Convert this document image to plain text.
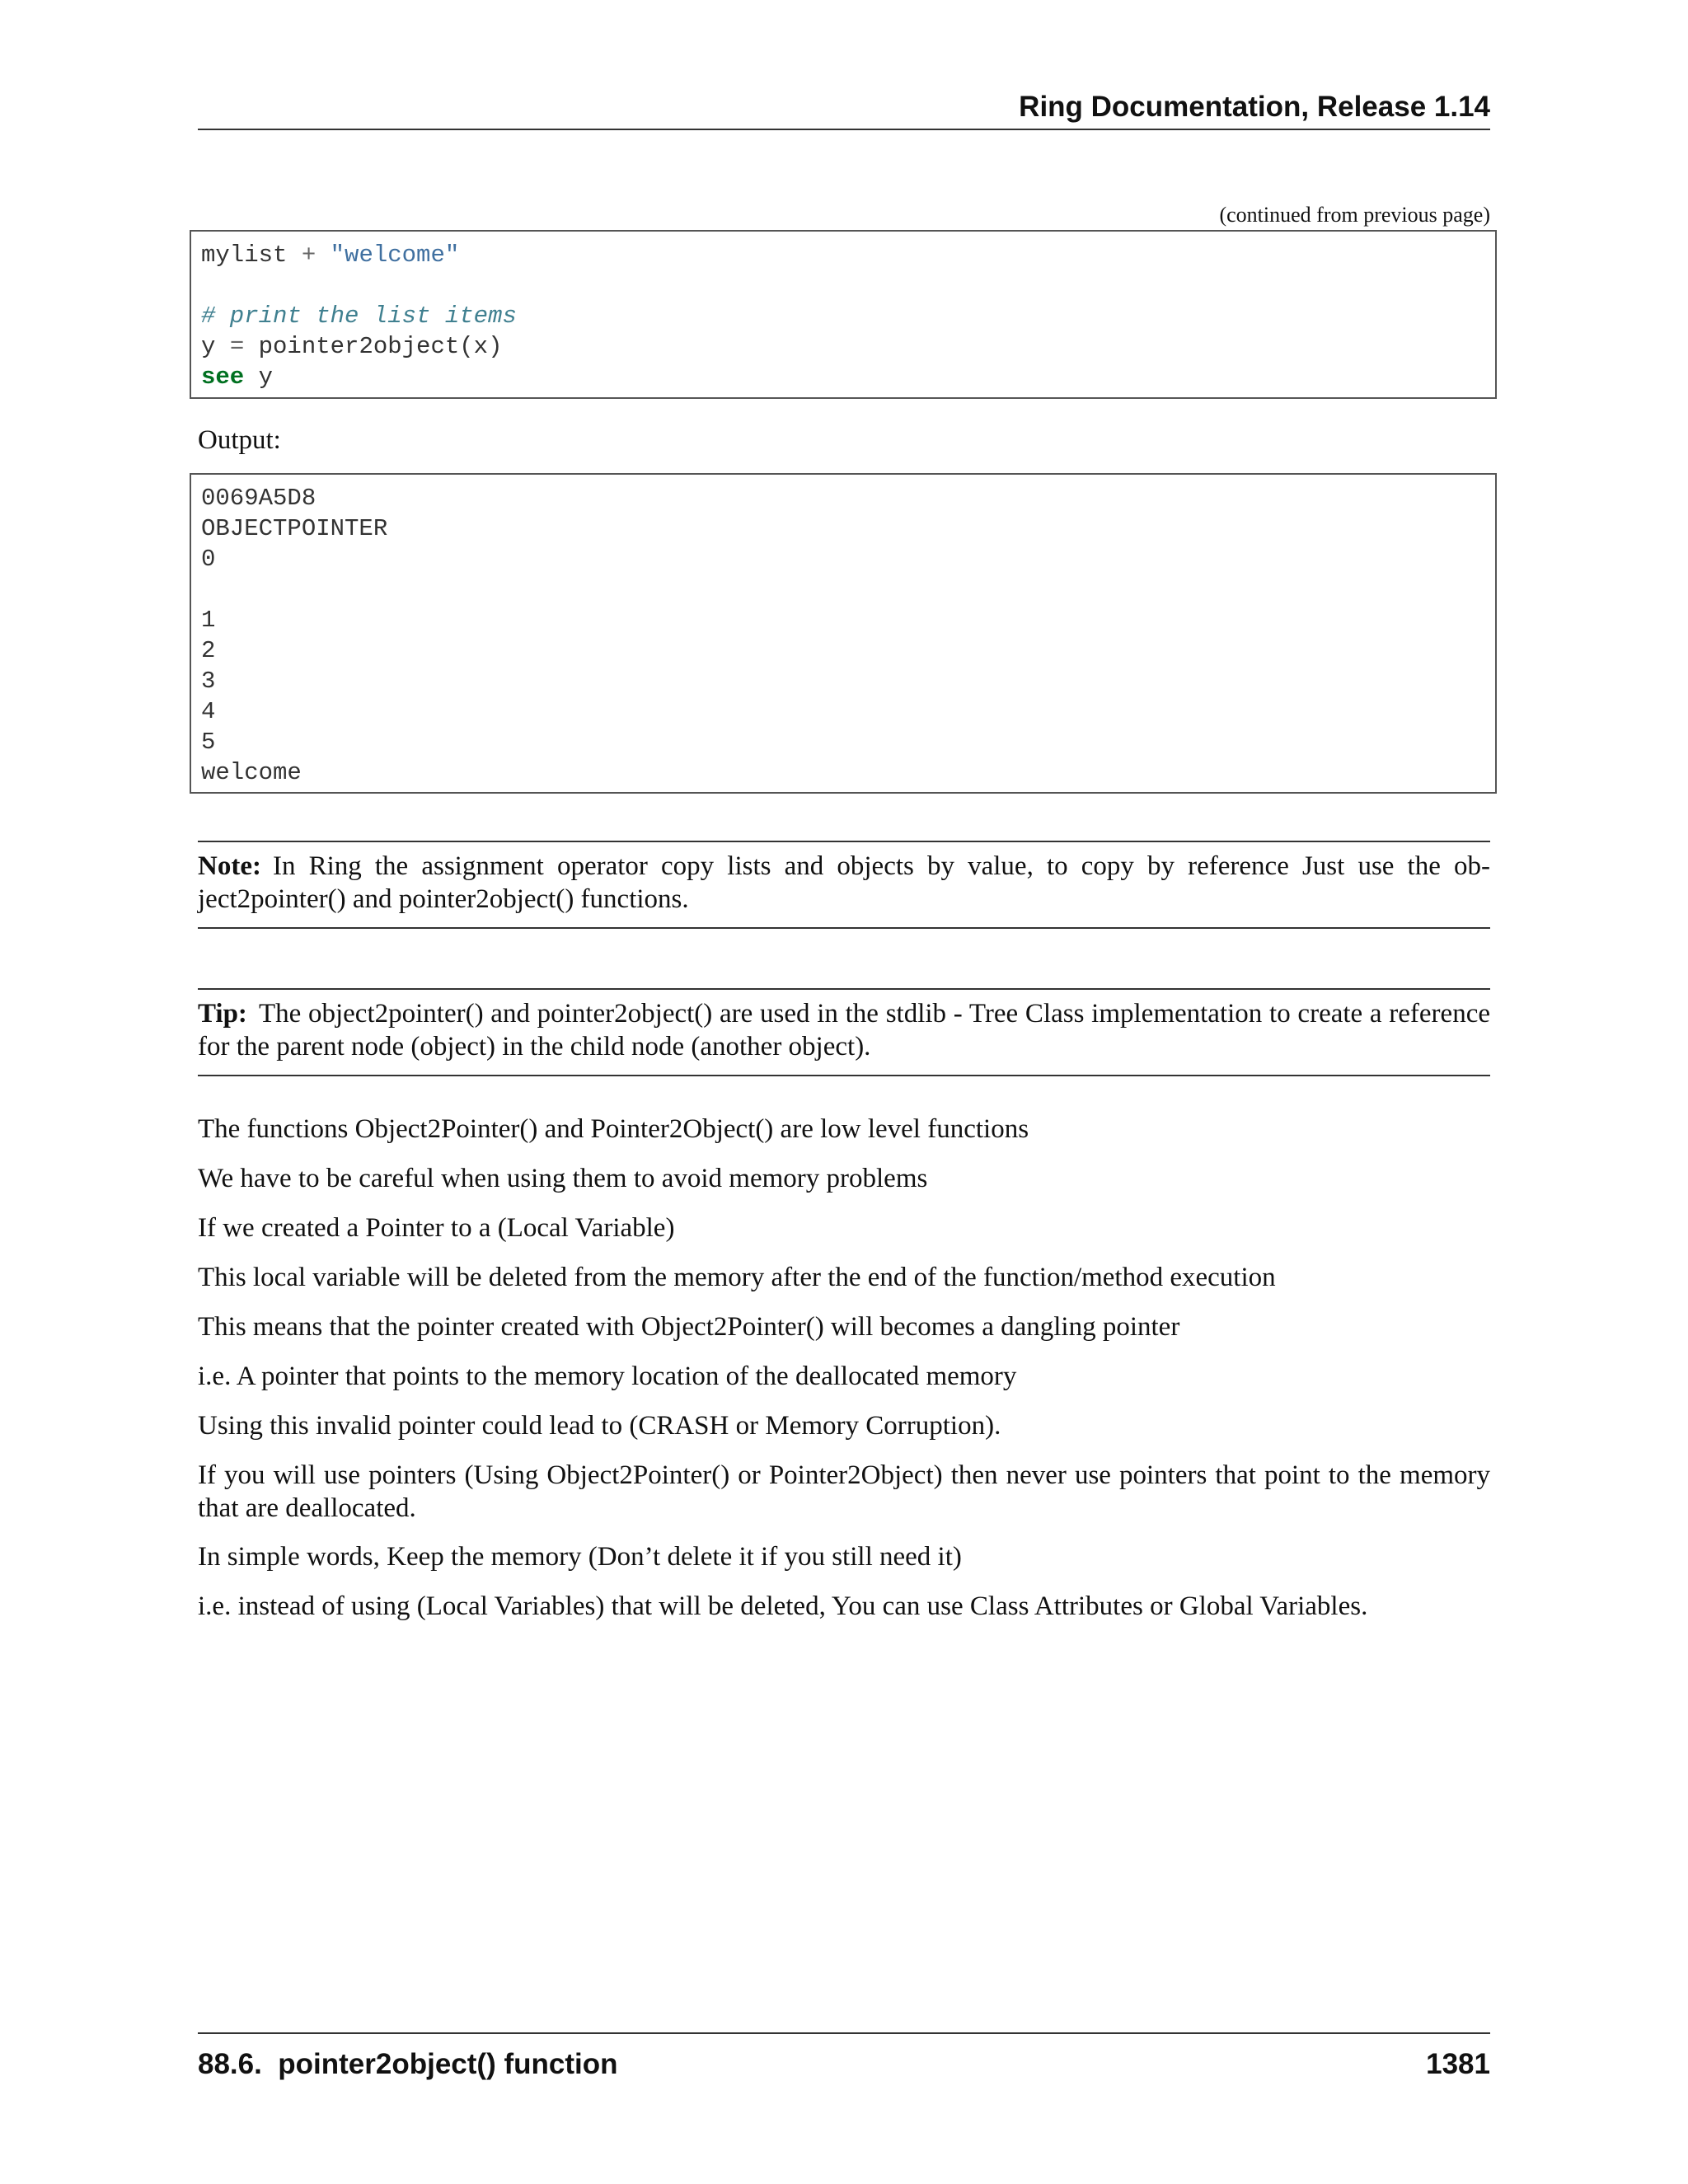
Ring Documentation, Release 1.14
(continued from previous page)
mylist + "welcome"
# print the list items
y = pointer2object(x)
see y
Output:
0069A5D8
OBJECTPOINTER
0
1
2
3
4
5
welcome
Note: In Ring the assignment operator copy lists and objects by value, to copy by reference Just use the ob-ject2pointer() and pointer2object() functions.
Tip: The object2pointer() and pointer2object() are used in the stdlib - Tree Class implementation to create a reference for the parent node (object) in the child node (another object).
The functions Object2Pointer() and Pointer2Object() are low level functions
We have to be careful when using them to avoid memory problems
If we created a Pointer to a (Local Variable)
This local variable will be deleted from the memory after the end of the function/method execution
This means that the pointer created with Object2Pointer() will becomes a dangling pointer
i.e. A pointer that points to the memory location of the deallocated memory
Using this invalid pointer could lead to (CRASH or Memory Corruption).
If you will use pointers (Using Object2Pointer() or Pointer2Object) then never use pointers that point to the memory that are deallocated.
In simple words, Keep the memory (Don’t delete it if you still need it)
i.e. instead of using (Local Variables) that will be deleted, You can use Class Attributes or Global Variables.
88.6.  pointer2object() function	1381
